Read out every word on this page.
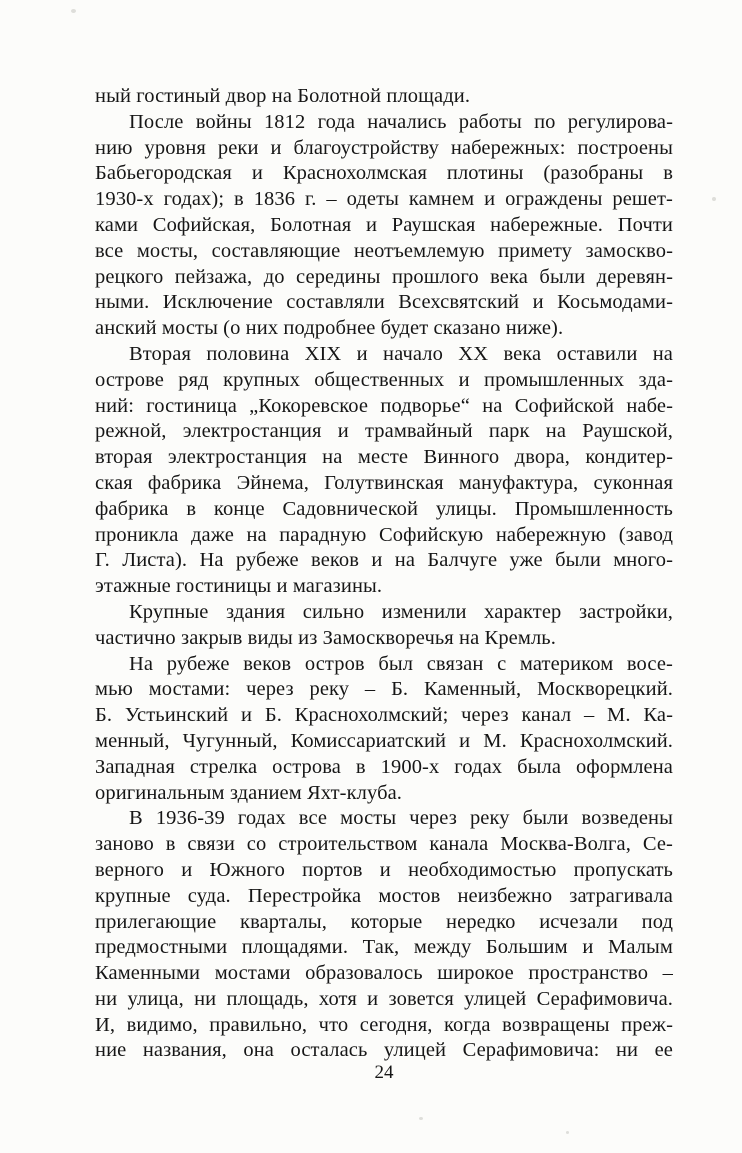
ный гостиный двор на Болотной площади.
После войны 1812 года начались работы по регулирова-
нию уровня реки и благоустройству набережных: построены
Бабьегородская и Краснохолмская плотины (разобраны в
1930-х годах); в 1836 г. – одеты камнем и ограждены решет-
ками Софийская, Болотная и Раушская набережные. Почти
все мосты, составляющие неотъемлемую примету замоскво-
рецкого пейзажа, до середины прошлого века были деревян-
ными. Исключение составляли Всехсвятский и Косьмодами-
анский мосты (о них подробнее будет сказано ниже).
Вторая половина XIX и начало XX века оставили на
острове ряд крупных общественных и промышленных зда-
ний: гостиница „Кокоревское подворье“ на Софийской набе-
режной, электростанция и трамвайный парк на Раушской,
вторая электростанция на месте Винного двора, кондитер-
ская фабрика Эйнема, Голутвинская мануфактура, суконная
фабрика в конце Садовнической улицы. Промышленность
проникла даже на парадную Софийскую набережную (завод
Г. Листа). На рубеже веков и на Балчуге уже были много-
этажные гостиницы и магазины.
Крупные здания сильно изменили характер застройки,
частично закрыв виды из Замоскворечья на Кремль.
На рубеже веков остров был связан с материком восе-
мью мостами: через реку – Б. Каменный, Москворецкий.
Б. Устьинский и Б. Краснохолмский; через канал – М. Ка-
менный, Чугунный, Комиссариатский и М. Краснохолмский.
Западная стрелка острова в 1900-х годах была оформлена
оригинальным зданием Яхт-клуба.
В 1936-39 годах все мосты через реку были возведены
заново в связи со строительством канала Москва-Волга, Се-
верного и Южного портов и необходимостью пропускать
крупные суда. Перестройка мостов неизбежно затрагивала
прилегающие кварталы, которые нередко исчезали под
предмостными площадями. Так, между Большим и Малым
Каменными мостами образовалось широкое пространство –
ни улица, ни площадь, хотя и зовется улицей Серафимовича.
И, видимо, правильно, что сегодня, когда возвращены преж-
ние названия, она осталась улицей Серафимовича: ни ее
24
